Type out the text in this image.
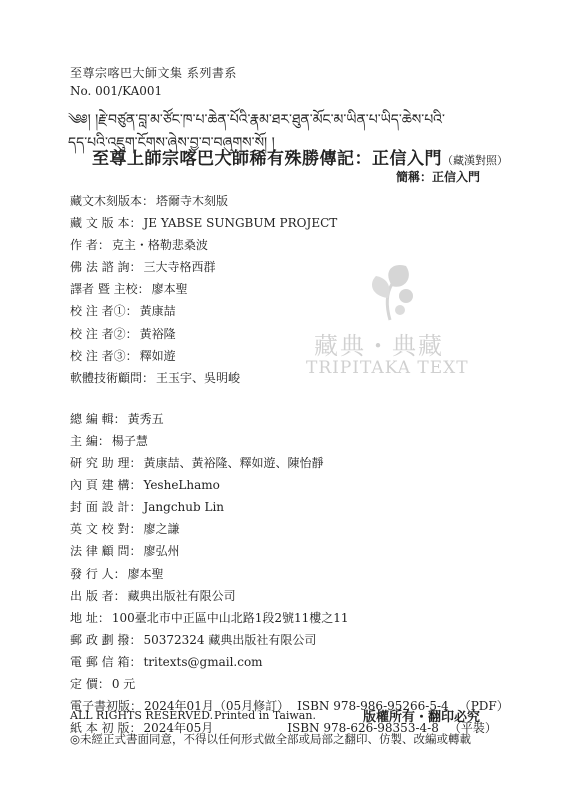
至尊宗喀巴大師文集 系列書系
No. 001/KA001
༄༅། །རྗེ་བཙུན་བླ་མ་ཙོང་ཁ་པ་ཆེན་པོའི་རྣམ་ཐར་ཐུན་མོང་མ་ཡིན་པ་ཡིད་ཆེས་པའི་
དད་པའི་འཇུག་ངོགས་ཞེས་བྱ་བ་བཞུགས་སོ། །
至尊上師宗喀巴大師稀有殊勝傳記：正信入門（藏漢對照）
簡稱：正信入門
藏典・典藏
TRIPITAKA TEXT
藏文木刻版本： 塔爾寺木刻版
藏 文 版 本： JE YABSE SUNGBUM PROJECT
作 者： 克主・格勒悲桑波
佛 法 諮 詢： 三大寺格西群
譯者 暨 主校： 廖本聖
校 注 者①： 黃康喆
校 注 者②： 黃裕隆
校 注 者③： 釋如遊
軟體技術顧問： 王玉宇、吳明峻
總 編 輯： 黃秀五
主 編： 楊子慧
研 究 助 理： 黃康喆、黃裕隆、釋如遊、陳怡靜
內 頁 建 構： YesheLhamo
封 面 設 計： Jangchub Lin
英 文 校 對： 廖之謙
法 律 顧 問： 廖弘州
發 行 人： 廖本聖
出 版 者： 藏典出版社有限公司
地 址： 100臺北市中正區中山北路1段2號11樓之11
郵 政 劃 撥： 50372324 藏典出版社有限公司
電 郵 信 箱： tritexts@gmail.com
定 價： 0 元
電子書初版： 2024年01月（05月修訂） ISBN 978-986-95266-5-4 （PDF）
紙 本 初 版： 2024年05月	ISBN 978-626-98353-4-8 （平裝）
ALL RIGHTS RESERVED. Printed in Taiwan.	版權所有・翻印必究
◎未經正式書面同意，不得以任何形式做全部或局部之翻印、仿製、改編或轉載
